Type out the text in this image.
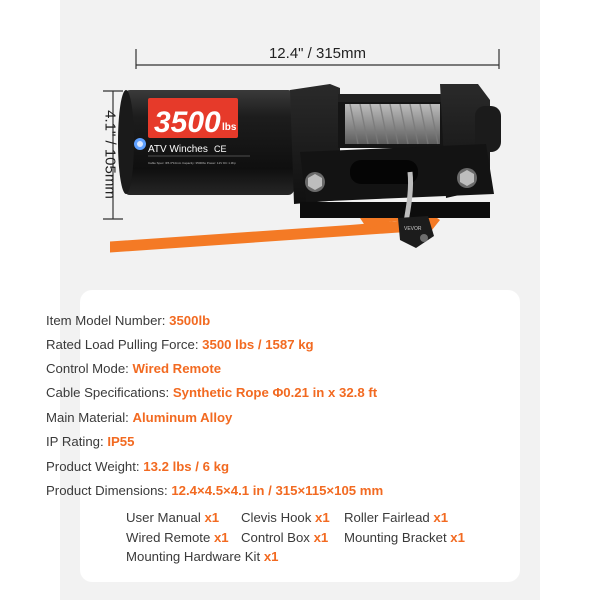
12.4" / 315mm
4.1" / 105mm 3500 lbs
ATV Winches CE
Cable Spec: Φ5.3*10mm Capacity: 3500lbs Power: 12V DC 1.3hp
VEVOR
Item Model Number: 3500lb
Rated Load Pulling Force: 3500 lbs / 1587 kg
Control Mode: Wired Remote
Cable Specifications: Synthetic Rope Φ0.21 in x 32.8 ft
Main Material: Aluminum Alloy
IP Rating: IP55
Product Weight: 13.2 lbs / 6 kg
Product Dimensions: 12.4×4.5×4.1 in / 315×115×105 mm
User Manual x1 Clevis Hook x1 Roller Fairlead x1
Wired Remote x1 Control Box x1 Mounting Bracket x1
Mounting Hardware Kit x1
